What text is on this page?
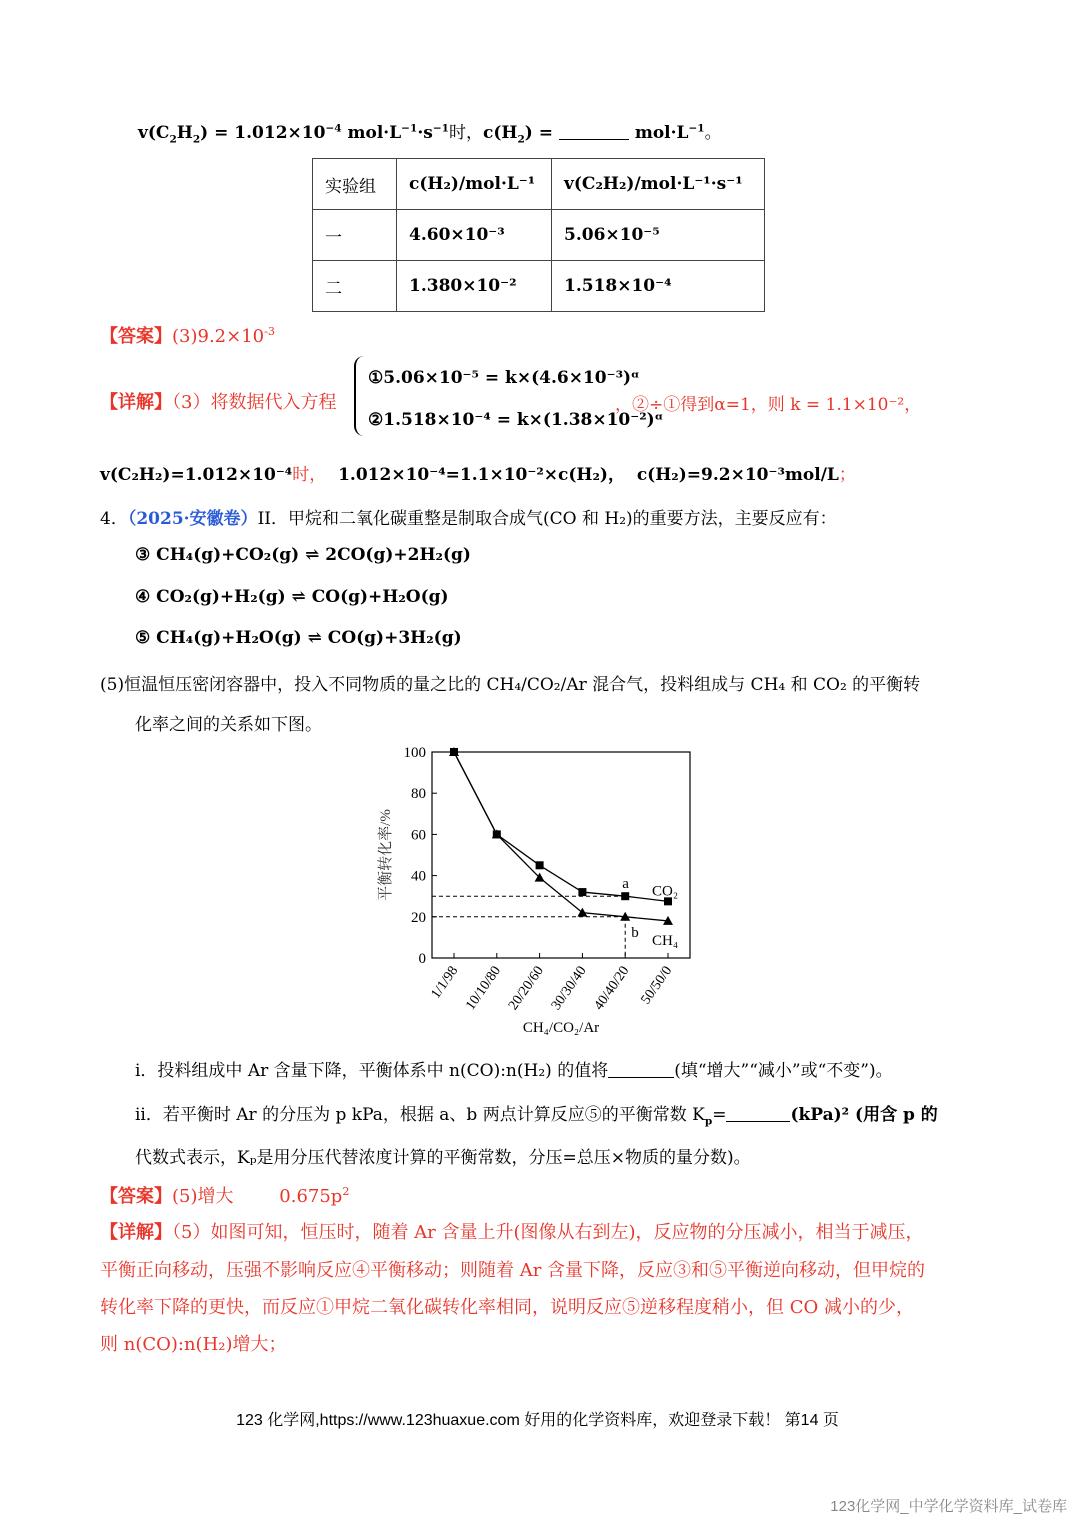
$v(C_2H_2) = 1.012\times 10^{-4}$ $mol\cdot L^{-1}\cdot s^{-1}$时，$c(H_2)$ =	$mol\cdot L^{-1}$。
实验组	c(H₂)/mol·L⁻¹	v(C₂H₂)/mol·L⁻¹·s⁻¹
一	4.60×10⁻³	5.06×10⁻⁵
二	1.380×10⁻²	1.518×10⁻⁴
【答案】$(3)9.2\times 10^{-3}$
【详解】（3）将数据代入方程
①5.06×10⁻⁵ = k×(4.6×10⁻³)ᵅ
②1.518×10⁻⁴ = k×(1.38×10⁻²)ᵅ
，②÷①得到α=1，则 k = 1.1×10⁻²，
v(C₂H₂)=1.012×10⁻⁴时， 1.012×10⁻⁴=1.1×10⁻²×c(H₂)， c(H₂)=9.2×10⁻³mol/L；
4．（2025·安徽卷）II．甲烷和二氧化碳重整是制取合成气(CO 和 H₂)的重要方法，主要反应有：
③ CH₄(g)+CO₂(g) ⇌ 2CO(g)+2H₂(g)
④ CO₂(g)+H₂(g) ⇌ CO(g)+H₂O(g)
⑤ CH₄(g)+H₂O(g) ⇌ CO(g)+3H₂(g)
(5)恒温恒压密闭容器中，投入不同物质的量之比的 CH₄/CO₂/Ar 混合气，投料组成与 CH₄ 和 CO₂ 的平衡转
化率之间的关系如下图。
0
20
40
60
80
100
1/1/98 10/10/80 20/20/60 30/30/40 40/40/20 50/50/0
CO₂
CH₄
a
b
平衡转化率/%
CH₄/CO₂/Ar
i．投料组成中 Ar 含量下降，平衡体系中 n(CO):n(H₂) 的值将	(填“增大”“减小”或“不变”)。
ii．若平衡时 Ar 的分压为 p kPa，根据 a、b 两点计算反应⑤的平衡常数 $K_p=$	(kPa)² (用含 p 的
代数式表示，Kₚ是用分压代替浓度计算的平衡常数，分压=总压×物质的量分数)。
【答案】(5)增大	$0.675p^2$
【详解】（5）如图可知，恒压时，随着 Ar 含量上升(图像从右到左)，反应物的分压减小，相当于减压，
平衡正向移动，压强不影响反应④平衡移动；则随着 Ar 含量下降，反应③和⑤平衡逆向移动，但甲烷的
转化率下降的更快，而反应①甲烷二氧化碳转化率相同，说明反应⑤逆移程度稍小，但 CO 减小的少，
则 n(CO):n(H₂)增大；
123 化学网,https://www.123huaxue.com 好用的化学资料库，欢迎登录下载！ 第14 页
123化学网_中学化学资料库_试卷库
